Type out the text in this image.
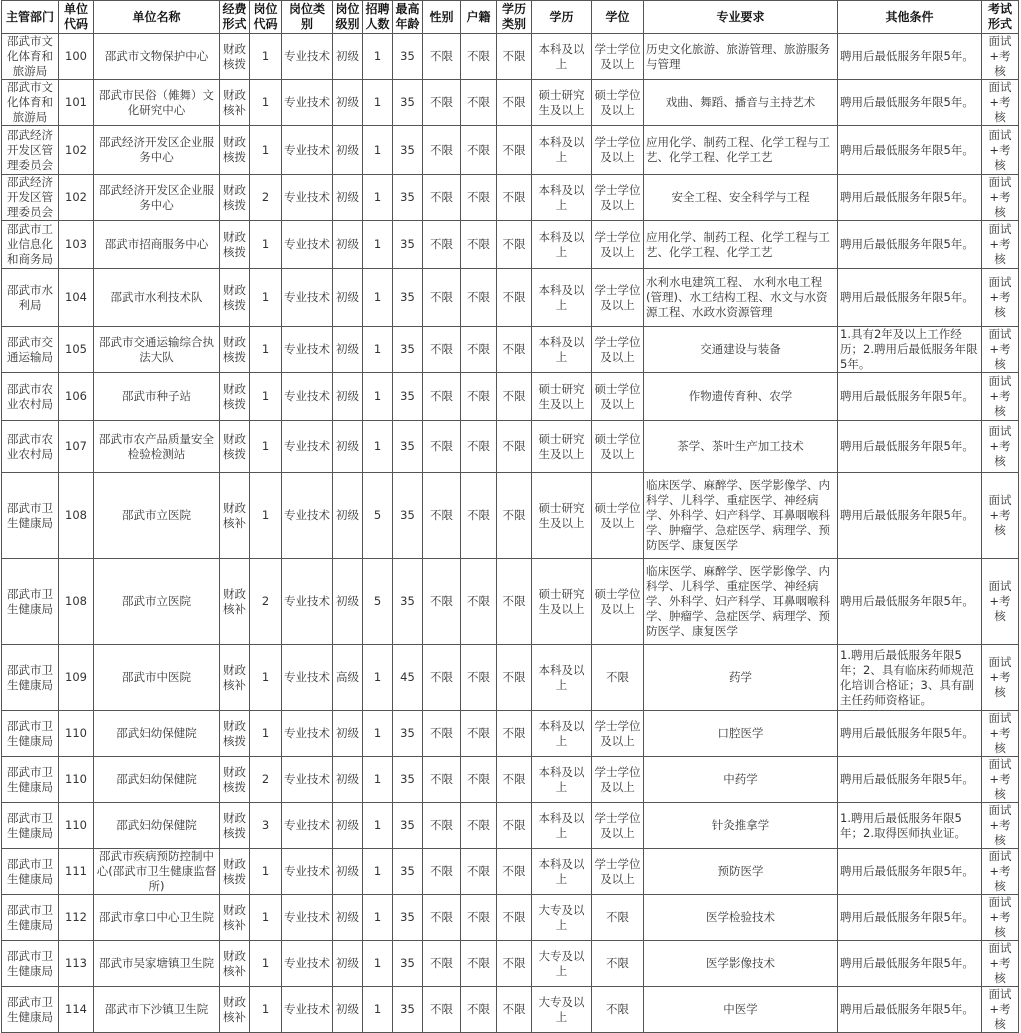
主管部门	单位代码	单位名称	经费形式	岗位代码	岗位类别	岗位级别	招聘人数	最高年龄	性别	户籍	学历类别	学历	学位	专业要求	其他条件	考试形式
邵武市文化体育和旅游局	100	邵武市文物保护中心	财政核拨	1	专业技术	初级	1	35	不限	不限	不限	本科及以上	学士学位及以上	历史文化旅游、旅游管理、旅游服务与管理	聘用后最低服务年限5年。	面试+考核
邵武市文化体育和旅游局	101	邵武市民俗（傩舞）文化研究中心	财政核补	1	专业技术	初级	1	35	不限	不限	不限	硕士研究生及以上	硕士学位及以上	戏曲、舞蹈、播音与主持艺术	聘用后最低服务年限5年。	面试+考核
邵武经济开发区管理委员会	102	邵武经济开发区企业服务中心	财政核拨	1	专业技术	初级	1	35	不限	不限	不限	本科及以上	学士学位及以上	应用化学、制药工程、化学工程与工艺、化学工程、化学工艺	聘用后最低服务年限5年。	面试+考核
邵武经济开发区管理委员会	102	邵武经济开发区企业服务中心	财政核拨	2	专业技术	初级	1	35	不限	不限	不限	本科及以上	学士学位及以上	安全工程、安全科学与工程	聘用后最低服务年限5年。	面试+考核
邵武市工业信息化和商务局	103	邵武市招商服务中心	财政核拨	1	专业技术	初级	1	35	不限	不限	不限	本科及以上	学士学位及以上	应用化学、制药工程、化学工程与工艺、化学工程、化学工艺	聘用后最低服务年限5年。	面试+考核
邵武市水利局	104	邵武市水利技术队	财政核拨	1	专业技术	初级	1	35	不限	不限	不限	本科及以上	学士学位及以上	水利水电建筑工程、 水利水电工程(管理)、水工结构工程、水文与水资源工程、水政水资源管理	聘用后最低服务年限5年。	面试+考核
邵武市交通运输局	105	邵武市交通运输综合执法大队	财政核拨	1	专业技术	初级	1	35	不限	不限	不限	本科及以上	学士学位及以上	交通建设与装备	1.具有2年及以上工作经历；2.聘用后最低服务年限5年。	面试+考核
邵武市农业农村局	106	邵武市种子站	财政核拨	1	专业技术	初级	1	35	不限	不限	不限	硕士研究生及以上	硕士学位及以上	作物遗传育种、农学	聘用后最低服务年限5年。	面试+考核
邵武市农业农村局	107	邵武市农产品质量安全检验检测站	财政核拨	1	专业技术	初级	1	35	不限	不限	不限	硕士研究生及以上	硕士学位及以上	茶学、茶叶生产加工技术	聘用后最低服务年限5年。	面试+考核
邵武市卫生健康局	108	邵武市立医院	财政核补	1	专业技术	初级	5	35	不限	不限	不限	硕士研究生及以上	硕士学位及以上	临床医学、麻醉学、医学影像学、内科学、儿科学、重症医学、神经病学、外科学、妇产科学、耳鼻咽喉科学、肿瘤学、急症医学、病理学、预防医学、康复医学	聘用后最低服务年限5年。	面试+考核
邵武市卫生健康局	108	邵武市立医院	财政核补	2	专业技术	初级	5	35	不限	不限	不限	硕士研究生及以上	硕士学位及以上	临床医学、麻醉学、医学影像学、内科学、儿科学、重症医学、神经病学、外科学、妇产科学、耳鼻咽喉科学、肿瘤学、急症医学、病理学、预防医学、康复医学	聘用后最低服务年限5年。	面试+考核
邵武市卫生健康局	109	邵武市中医院	财政核补	1	专业技术	高级	1	45	不限	不限	不限	本科及以上	不限	药学	1.聘用后最低服务年限5年；2、具有临床药师规范化培训合格证；3、具有副主任药师资格证。	面试+考核
邵武市卫生健康局	110	邵武妇幼保健院	财政核拨	1	专业技术	初级	1	35	不限	不限	不限	本科及以上	学士学位及以上	口腔医学	聘用后最低服务年限5年。	面试+考核
邵武市卫生健康局	110	邵武妇幼保健院	财政核拨	2	专业技术	初级	1	35	不限	不限	不限	本科及以上	学士学位及以上	中药学	聘用后最低服务年限5年。	面试+考核
邵武市卫生健康局	110	邵武妇幼保健院	财政核拨	3	专业技术	初级	1	35	不限	不限	不限	本科及以上	学士学位及以上	针灸推拿学	1.聘用后最低服务年限5年；2.取得医师执业证。	面试+考核
邵武市卫生健康局	111	邵武市疾病预防控制中心(邵武市卫生健康监督所)	财政核拨	1	专业技术	初级	1	35	不限	不限	不限	本科及以上	学士学位及以上	预防医学	聘用后最低服务年限5年。	面试+考核
邵武市卫生健康局	112	邵武市拿口中心卫生院	财政核补	1	专业技术	初级	1	35	不限	不限	不限	大专及以上	不限	医学检验技术	聘用后最低服务年限5年。	面试+考核
邵武市卫生健康局	113	邵武市吴家塘镇卫生院	财政核补	1	专业技术	初级	1	35	不限	不限	不限	大专及以上	不限	医学影像技术	聘用后最低服务年限5年。	面试+考核
邵武市卫生健康局	114	邵武市下沙镇卫生院	财政核补	1	专业技术	初级	1	35	不限	不限	不限	大专及以上	不限	中医学	聘用后最低服务年限5年。	面试+考核
